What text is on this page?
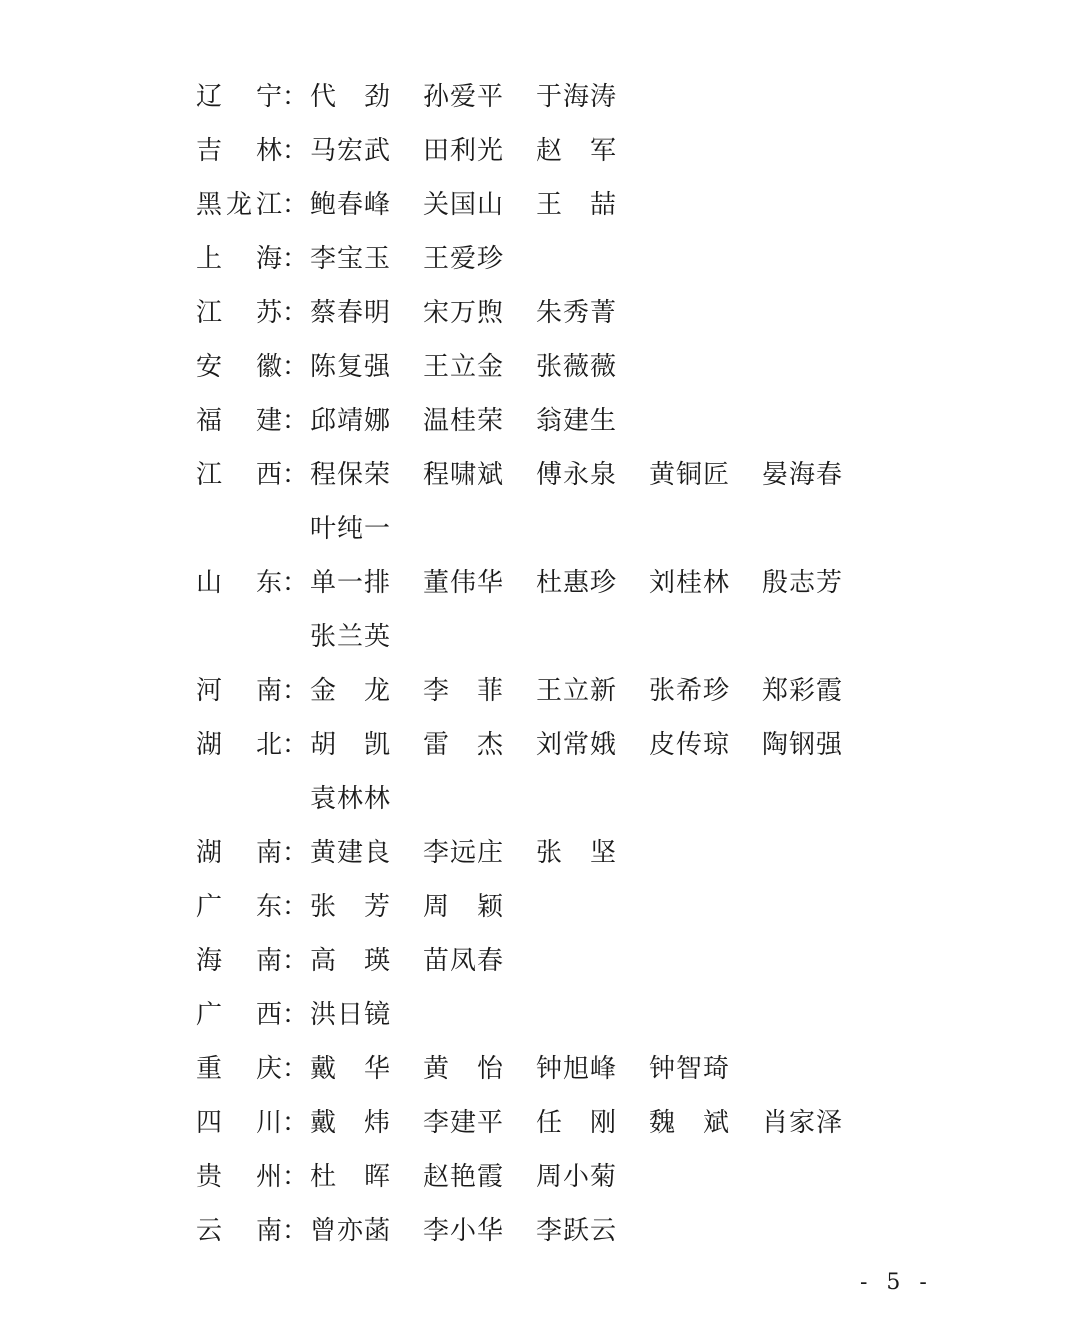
辽　宁 ： 代　劲 孙爱平 于海涛
吉　林 ： 马宏武 田利光 赵　军
黑龙江 ： 鲍春峰 关国山 王　喆
上　海 ： 李宝玉 王爱珍
江　苏 ： 蔡春明 宋万煦 朱秀菁
安　徽 ： 陈复强 王立金 张薇薇
福　建 ： 邱靖娜 温桂荣 翁建生
江　西 ： 程保荣 程啸斌 傅永泉 黄铜匠 晏海春
叶纯一
山　东 ： 单一排 董伟华 杜惠珍 刘桂林 殷志芳
张兰英
河　南 ： 金　龙 李　菲 王立新 张希珍 郑彩霞
湖　北 ： 胡　凯 雷　杰 刘常娥 皮传琼 陶钢强
袁林林
湖　南 ： 黄建良 李远庄 张　坚
广　东 ： 张　芳 周　颖
海　南 ： 高　瑛 苗凤春
广　西 ： 洪日镜
重　庆 ： 戴　华 黄　怡 钟旭峰 钟智琦
四　川 ： 戴　炜 李建平 任　刚 魏　斌 肖家泽
贵　州 ： 杜　晖 赵艳霞 周小菊
云　南 ： 曾亦菡 李小华 李跃云
- 5 -
